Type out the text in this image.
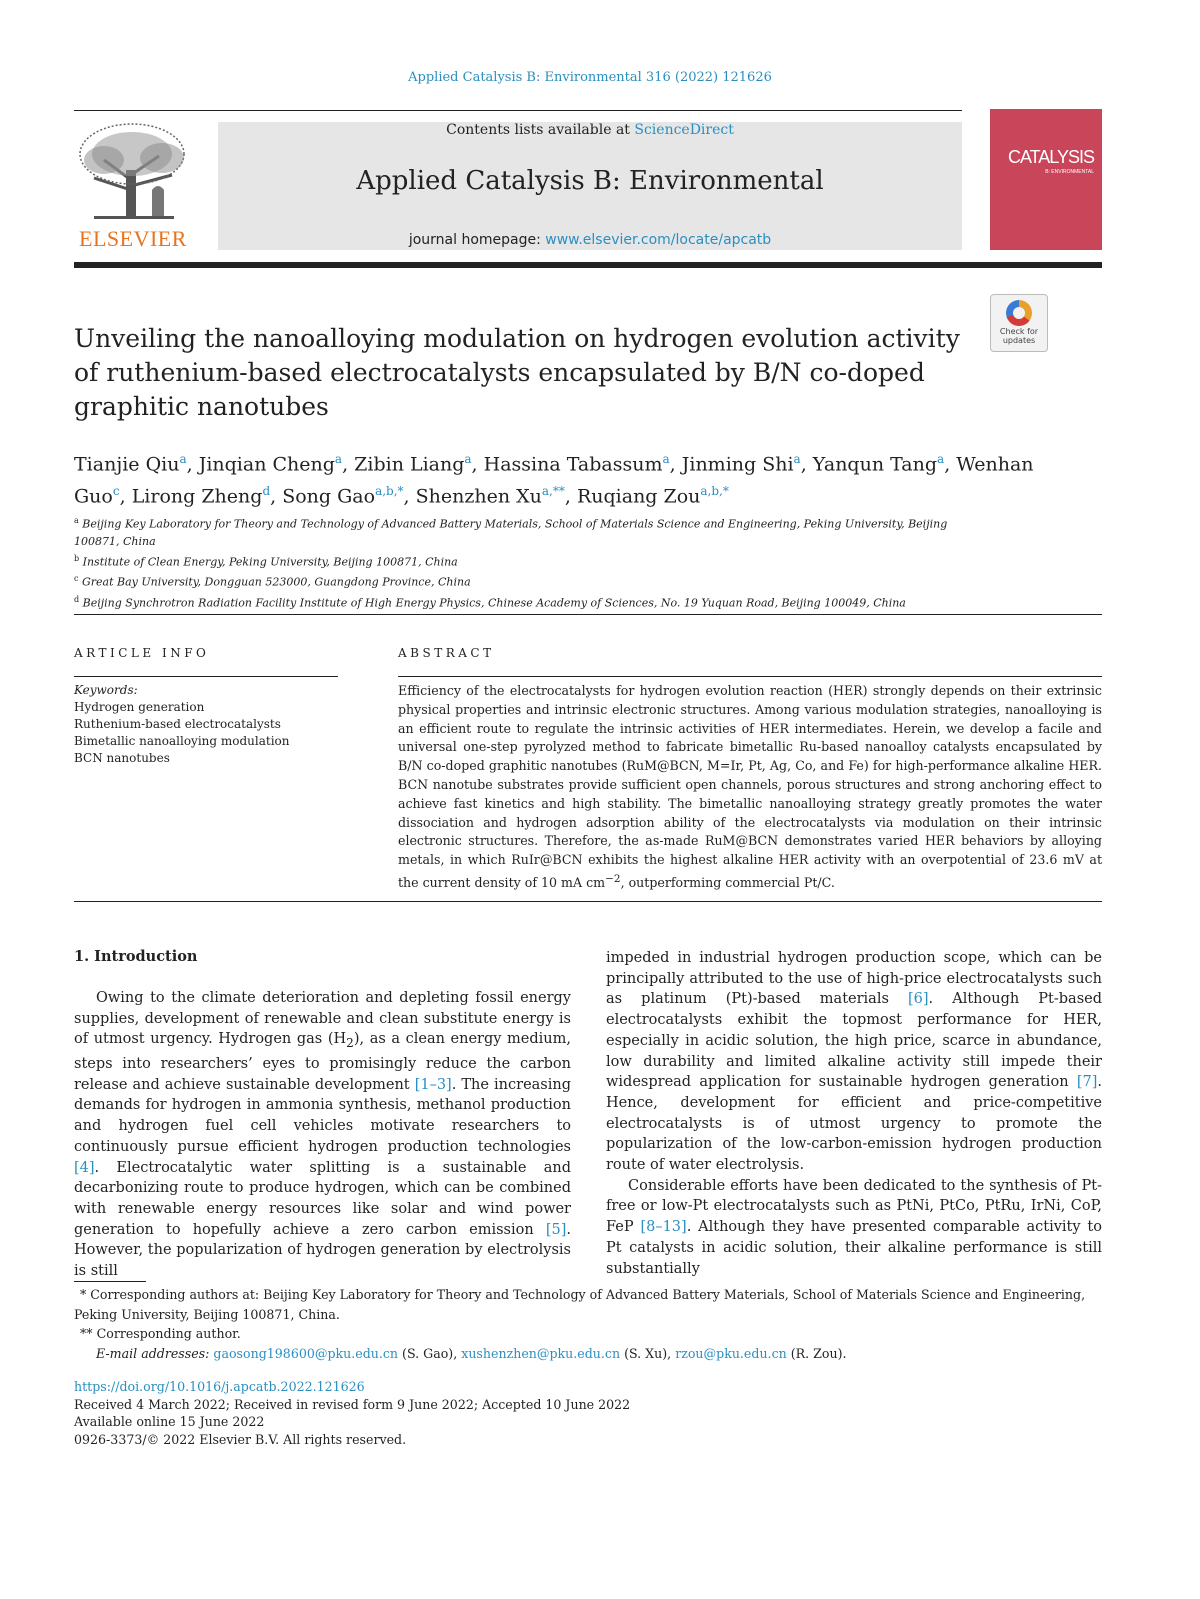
Applied Catalysis B: Environmental 316 (2022) 121626
ELSEVIER
Contents lists available at ScienceDirect
Applied Catalysis B: Environmental
journal homepage: www.elsevier.com/locate/apcatb
CATALYSIS
B: ENVIRONMENTAL
Check for updates
Unveiling the nanoalloying modulation on hydrogen evolution activity of ruthenium-based electrocatalysts encapsulated by B/N co-doped graphitic nanotubes
Tianjie Qiu$^a$, Jinqian Cheng$^a$, Zibin Liang$^a$, Hassina Tabassum$^a$, Jinming Shi$^a$, Yanqun Tang$^a$, Wenhan Guo$^c$, Lirong Zheng$^d$, Song Gao$^{a,b,*}$, Shenzhen $Xu^{a,**}$, Ruqiang Zou$^{a,b,*}$
$^a$ Beijing Key Laboratory for Theory and Technology of Advanced Battery Materials, School of Materials Science and Engineering, Peking University, Beijing 100871, China
$^b$ Institute of Clean Energy, Peking University, Beijing 100871, China
$^c$ Great Bay University, Dongguan 523000, Guangdong Province, China
$^d$ Beijing Synchrotron Radiation Facility Institute of High Energy Physics, Chinese Academy of Sciences, No. 19 Yuquan Road, Beijing 100049, China
ARTICLE INFO	ABSTRACT
Keywords:
Hydrogen generation
Ruthenium-based electrocatalysts
Bimetallic nanoalloying modulation
BCN nanotubes
Efficiency of the electrocatalysts for hydrogen evolution reaction (HER) strongly depends on their extrinsic physical properties and intrinsic electronic structures. Among various modulation strategies, nanoalloying is an efficient route to regulate the intrinsic activities of HER intermediates. Herein, we develop a facile and universal one-step pyrolyzed method to fabricate bimetallic Ru-based nanoalloy catalysts encapsulated by B/N co-doped graphitic nanotubes (RuM@BCN, M=Ir, Pt, Ag, Co, and Fe) for high-performance alkaline HER. BCN nanotube substrates provide sufficient open channels, porous structures and strong anchoring effect to achieve fast kinetics and high stability. The bimetallic nanoalloying strategy greatly promotes the water dissociation and hydrogen adsorption ability of the electrocatalysts via modulation on their intrinsic electronic structures. Therefore, the as-made RuM@BCN demonstrates varied HER behaviors by alloying metals, in which RuIr@BCN exhibits the highest alkaline HER activity with an overpotential of 23.6 mV at the current density of 10 mA $cm^{-2}$, outperforming commercial Pt/C.
1. Introduction
Owing to the climate deterioration and depleting fossil energy supplies, development of renewable and clean substitute energy is of utmost urgency. Hydrogen gas $(H_2)$, as a clean energy medium, steps into researchers’ eyes to promisingly reduce the carbon release and achieve sustainable development [1–3]. The increasing demands for hydrogen in ammonia synthesis, methanol production and hydrogen fuel cell vehicles motivate researchers to continuously pursue efficient hydrogen production technologies [4]. Electrocatalytic water splitting is a sustainable and decarbonizing route to produce hydrogen, which can be combined with renewable energy resources like solar and wind power generation to hopefully achieve a zero carbon emission [5]. However, the popularization of hydrogen generation by electrolysis is still

impeded in industrial hydrogen production scope, which can be principally attributed to the use of high-price electrocatalysts such as platinum (Pt)-based materials [6]. Although Pt-based electrocatalysts exhibit the topmost performance for HER, especially in acidic solution, the high price, scarce in abundance, low durability and limited alkaline activity still impede their widespread application for sustainable hydrogen generation [7]. Hence, development for efficient and price-competitive electrocatalysts is of utmost urgency to promote the popularization of the low-carbon-emission hydrogen production route of water electrolysis.

Considerable efforts have been dedicated to the synthesis of Pt-free or low-Pt electrocatalysts such as PtNi, PtCo, PtRu, IrNi, CoP, FeP [8–13]. Although they have presented comparable activity to Pt catalysts in acidic solution, their alkaline performance is still substantially

* Corresponding authors at: Beijing Key Laboratory for Theory and Technology of Advanced Battery Materials, School of Materials Science and Engineering, Peking University, Beijing 100871, China.

** Corresponding author.

E-mail addresses: gaosong198600@pku.edu.cn (S. Gao), xushenzhen@pku.edu.cn (S. Xu), rzou@pku.edu.cn (R. Zou).

https://doi.org/10.1016/j.apcatb.2022.121626

Received 4 March 2022; Received in revised form 9 June 2022; Accepted 10 June 2022

Available online 15 June 2022

0926-3373/© 2022 Elsevier B.V. All rights reserved.
